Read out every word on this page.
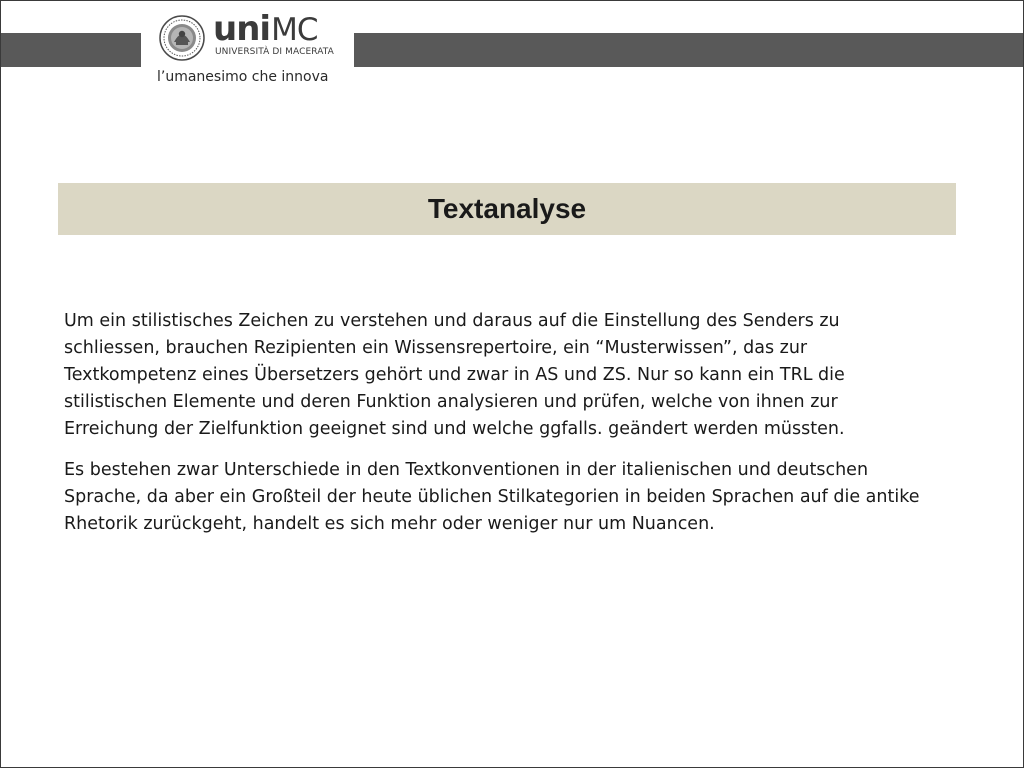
uniMC
UNIVERSITÀ DI MACERATA
l’umanesimo che innova
Textanalyse

Um ein stilistisches Zeichen zu verstehen und daraus auf die Einstellung des Senders zu schliessen, brauchen Rezipienten ein Wissensrepertoire, ein “Musterwissen”, das zur Textkompetenz eines Übersetzers gehört und zwar in AS und ZS. Nur so kann ein TRL die stilistischen Elemente und deren Funktion analysieren und prüfen, welche von ihnen zur Erreichung der Zielfunktion geeignet sind und welche ggfalls. geändert werden müssten.

Es bestehen zwar Unterschiede in den Textkonventionen in der italienischen und deutschen Sprache, da aber ein Großteil der heute üblichen Stilkategorien in beiden Sprachen auf die antike Rhetorik zurückgeht, handelt es sich mehr oder weniger nur um Nuancen.
